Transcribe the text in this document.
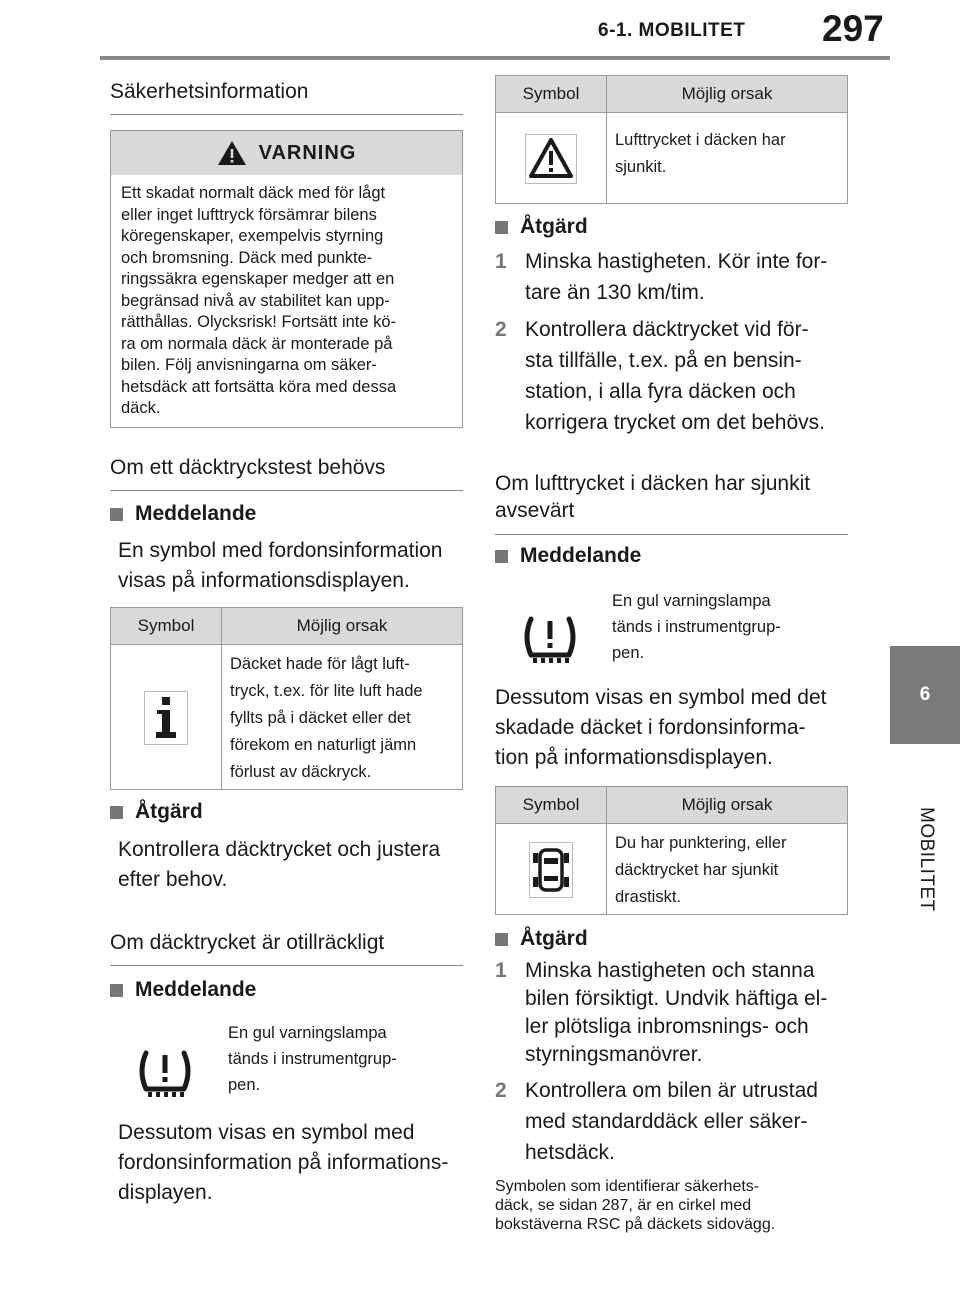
6-1. MOBILITET 297
6
MOBILITET
Säkerhetsinformation
VARNING
Ett skadat normalt däck med för lågt
eller inget lufttryck försämrar bilens
köregenskaper, exempelvis styrning
och bromsning. Däck med punkte-
ringssäkra egenskaper medger att en
begränsad nivå av stabilitet kan upp-
rätthållas. Olycksrisk! Fortsätt inte kö-
ra om normala däck är monterade på
bilen. Följ anvisningarna om säker-
hetsdäck att fortsätta köra med dessa
däck.
Om ett däcktryckstest behövs
Meddelande
En symbol med fordonsinformation
visas på informationsdisplayen.
Symbol	Möjlig orsak
Däcket hade för lågt luft-
tryck, t.ex. för lite luft hade
fyllts på i däcket eller det
förekom en naturligt jämn
förlust av däckryck.
Åtgärd
Kontrollera däcktrycket och justera
efter behov.
Om däcktrycket är otillräckligt
Meddelande
En gul varningslampa
tänds i instrumentgrup-
pen.
Dessutom visas en symbol med
fordonsinformation på informations-
displayen.
Symbol	Möjlig orsak
Lufttrycket i däcken har
sjunkit.
Åtgärd
1 Minska hastigheten. Kör inte for-
tare än 130 km/tim.
2 Kontrollera däcktrycket vid för-
sta tillfälle, t.ex. på en bensin-
station, i alla fyra däcken och
korrigera trycket om det behövs.
Om lufttrycket i däcken har sjunkit
avsevärt
Meddelande
En gul varningslampa
tänds i instrumentgrup-
pen.
Dessutom visas en symbol med det
skadade däcket i fordonsinforma-
tion på informationsdisplayen.
Symbol	Möjlig orsak
Du har punktering, eller
däcktrycket har sjunkit
drastiskt.
Åtgärd
1 Minska hastigheten och stanna
bilen försiktigt. Undvik häftiga el-
ler plötsliga inbromsnings- och
styrningsmanövrer.
2 Kontrollera om bilen är utrustad
med standarddäck eller säker-
hetsdäck.
Symbolen som identifierar säkerhets-
däck, se sidan 287, är en cirkel med
bokstäverna RSC på däckets sidovägg.
